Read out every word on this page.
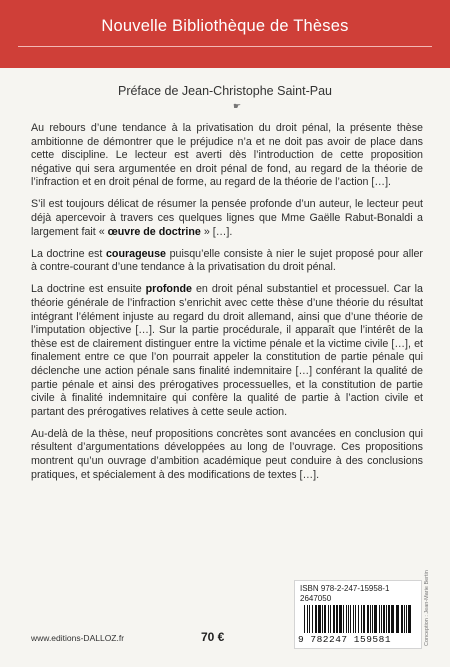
Nouvelle Bibliothèque de Thèses
Préface de Jean-Christophe Saint-Pau
☛

Au rebours d’une tendance à la privatisation du droit pénal, la présente thèse ambitionne de démontrer que le préjudice n’a et ne doit pas avoir de place dans cette discipline. Le lecteur est averti dès l’introduction de cette proposition négative qui sera argumentée en droit pénal de fond, au regard de la théorie de l’infraction et en droit pénal de forme, au regard de la théorie de l’action […].

S’il est toujours délicat de résumer la pensée profonde d’un auteur, le lecteur peut déjà apercevoir à travers ces quelques lignes que Mme Gaëlle Rabut-Bonaldi a largement fait « œuvre de doctrine » […].

La doctrine est courageuse puisqu’elle consiste à nier le sujet proposé pour aller à contre-courant d’une tendance à la privatisation du droit pénal.

La doctrine est ensuite profonde en droit pénal substantiel et processuel. Car la théorie générale de l’infraction s’enrichit avec cette thèse d’une théorie du résultat intégrant l’élément injuste au regard du droit allemand, ainsi que d’une théorie de l’imputation objective […]. Sur la partie procédurale, il apparaît que l’intérêt de la thèse est de clairement distinguer entre la victime pénale et la victime civile […], et finalement entre ce que l’on pourrait appeler la constitution de partie pénale qui déclenche une action pénale sans finalité indemnitaire […] conférant la qualité de partie pénale et ainsi des prérogatives processuelles, et la constitution de partie civile à finalité indemnitaire qui confère la qualité de partie à l’action civile et partant des prérogatives relatives à cette seule action.

Au-delà de la thèse, neuf propositions concrètes sont avancées en conclusion qui résultent d’argumentations développées au long de l’ouvrage. Ces propositions montrent qu’un ouvrage d’ambition académique peut conduire à des conclusions pratiques, et spécialement à des modifications de textes […].

ISBN 978-2-247-15958-1
2647050
9 782247 159581	Conception : Jean-Marie Bertin
www.editions-DALLOZ.fr	70 €
